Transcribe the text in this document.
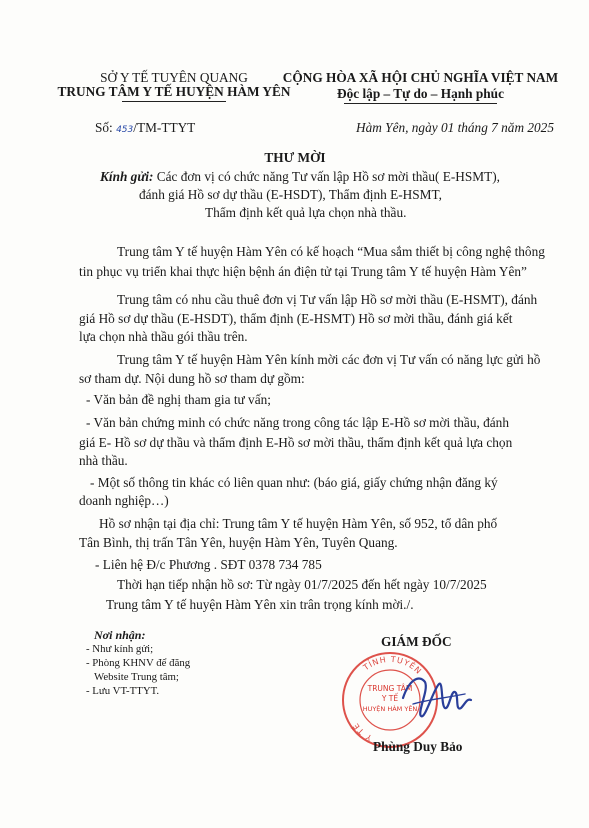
SỞ Y TẾ TUYÊN QUANG
TRUNG TÂM Y TẾ HUYỆN HÀM YÊN
CỘNG HÒA XÃ HỘI CHỦ NGHĨA VIỆT NAM
Độc lập – Tự do – Hạnh phúc
Số: 453/TM-TTYT	Hàm Yên, ngày 01 tháng 7 năm 2025
THƯ MỜI
Kính gửi: Các đơn vị có chức năng Tư vấn lập Hồ sơ mời thầu( E-HSMT),
đánh giá Hồ sơ dự thầu (E-HSDT), Thẩm định E-HSMT,
Thẩm định kết quả lựa chọn nhà thầu.
Trung tâm Y tế huyện Hàm Yên có kế hoạch “Mua sắm thiết bị công nghệ thông
tin phục vụ triển khai thực hiện bệnh án điện tử tại Trung tâm Y tế huyện Hàm Yên”
Trung tâm có nhu cầu thuê đơn vị Tư vấn lập Hồ sơ mời thầu (E-HSMT), đánh
giá Hồ sơ dự thầu (E-HSDT), thẩm định (E-HSMT) Hồ sơ mời thầu, đánh giá kết
lựa chọn nhà thầu gói thầu trên.
Trung tâm Y tế huyện Hàm Yên kính mời các đơn vị Tư vấn có năng lực gửi hồ
sơ tham dự. Nội dung hồ sơ tham dự gồm:
- Văn bản đề nghị tham gia tư vấn;
- Văn bản chứng minh có chức năng trong công tác lập E-Hồ sơ mời thầu, đánh
giá E- Hồ sơ dự thầu và thẩm định E-Hồ sơ mời thầu, thẩm định kết quả lựa chọn
nhà thầu.
- Một số thông tin khác có liên quan như: (báo giá, giấy chứng nhận đăng ký
doanh nghiệp…)
Hồ sơ nhận tại địa chỉ: Trung tâm Y tế huyện Hàm Yên, số 952, tổ dân phố
Tân Bình, thị trấn Tân Yên, huyện Hàm Yên, Tuyên Quang.
- Liên hệ Đ/c Phương . SĐT 0378 734 785
Thời hạn tiếp nhận hồ sơ: Từ ngày 01/7/2025 đến hết ngày 10/7/2025
Trung tâm Y tế huyện Hàm Yên xin trân trọng kính mời./.
Nơi nhận:
- Như kính gửi;
- Phòng KHNV để đăng
Website Trung tâm;
- Lưu VT-TTYT.
GIÁM ĐỐC
TỈNH TUYÊN
Y TẾ
TRUNG TÂM
Y TẾ
HUYỆN HÀM YÊN
Phùng Duy Bảo
